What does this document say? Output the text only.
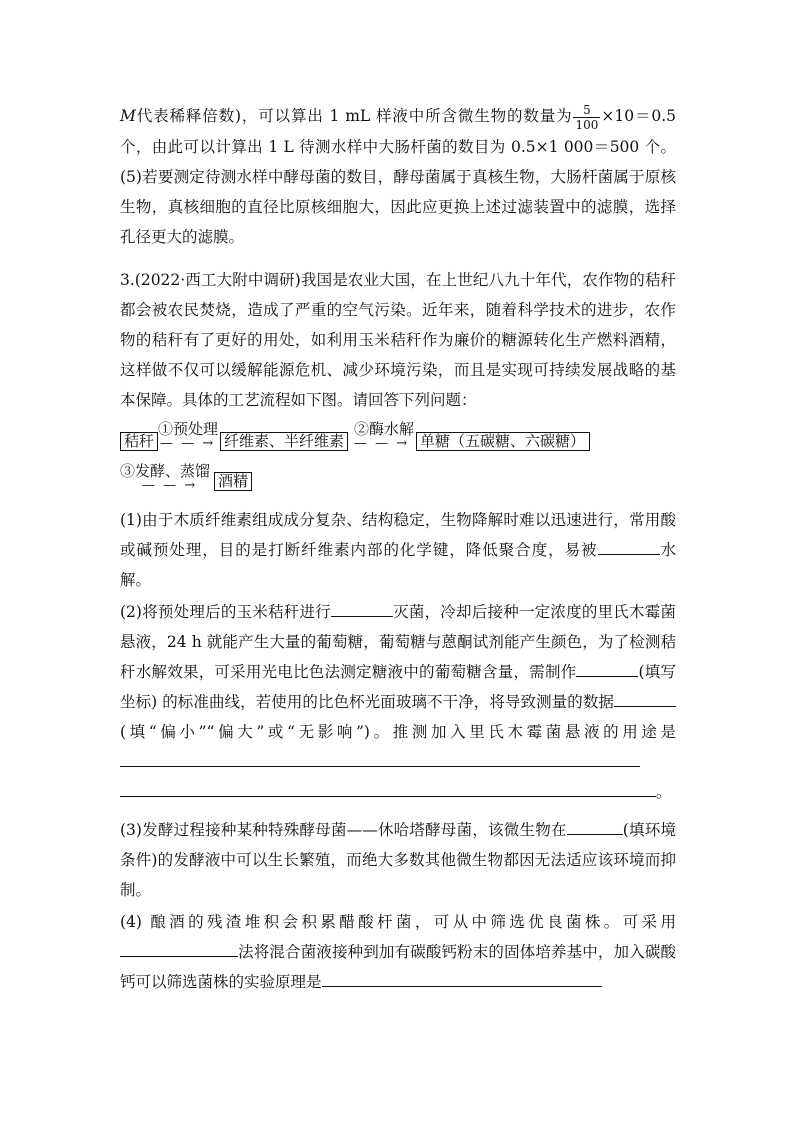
M代表稀释倍数)，可以算出 1 mL 样液中所含微生物的数量为 $\frac{5}{100} \times 10=0.5$ 个，由此可以计算出 1 L 待测水样中大肠杆菌的数目为 0.5×1 000＝500 个。(5)若要测定待测水样中酵母菌的数目，酵母菌属于真核生物，大肠杆菌属于原核生物，真核细胞的直径比原核细胞大，因此应更换上述过滤装置中的滤膜，选择孔径更大的滤膜。
3.(2022·西工大附中调研)我国是农业大国，在上世纪八九十年代，农作物的秸秆都会被农民焚烧，造成了严重的空气污染。近年来，随着科学技术的进步，农作物的秸秆有了更好的用处，如利用玉米秸秆作为廉价的糖源转化生产燃料酒精，这样做不仅可以缓解能源危机、减少环境污染，而且是实现可持续发展战略的基本保障。具体的工艺流程如下图。请回答下列问题：
①预处理
秸秆 — — → 纤维素、半纤维素
②酶水解
— — → 单糖（五碳糖、六碳糖）
③发酵、蒸馏
— — → 酒精
(1)由于木质纤维素组成成分复杂、结构稳定，生物降解时难以迅速进行，常用酸或碱预处理，目的是打断纤维素内部的化学键，降低聚合度，易被	水解。
(2)将预处理后的玉米秸秆进行	灭菌，冷却后接种一定浓度的里氏木霉菌悬液，24 h 就能产生大量的葡萄糖，葡萄糖与蒽酮试剂能产生颜色，为了检测秸秆水解效果，可采用光电比色法测定糖液中的葡萄糖含量，需制作	(填写坐标) 的标准曲线，若使用的比色杯光面玻璃不干净，将导致测量的数据(填“偏小”“偏大”或“无影响”)。推测加入里氏木霉菌悬液的用途是。
(3)发酵过程接种某种特殊酵母菌——休哈塔酵母菌，该微生物在	(填环境条件)的发酵液中可以生长繁殖，而绝大多数其他微生物都因无法适应该环境而抑制。
(4) 酿酒的残渣堆积会积累醋酸杆菌，可从中筛选优良菌株。可采用法将混合菌液接种到加有碳酸钙粉末的固体培养基中，加入碳酸钙可以筛选菌株的实验原理是
